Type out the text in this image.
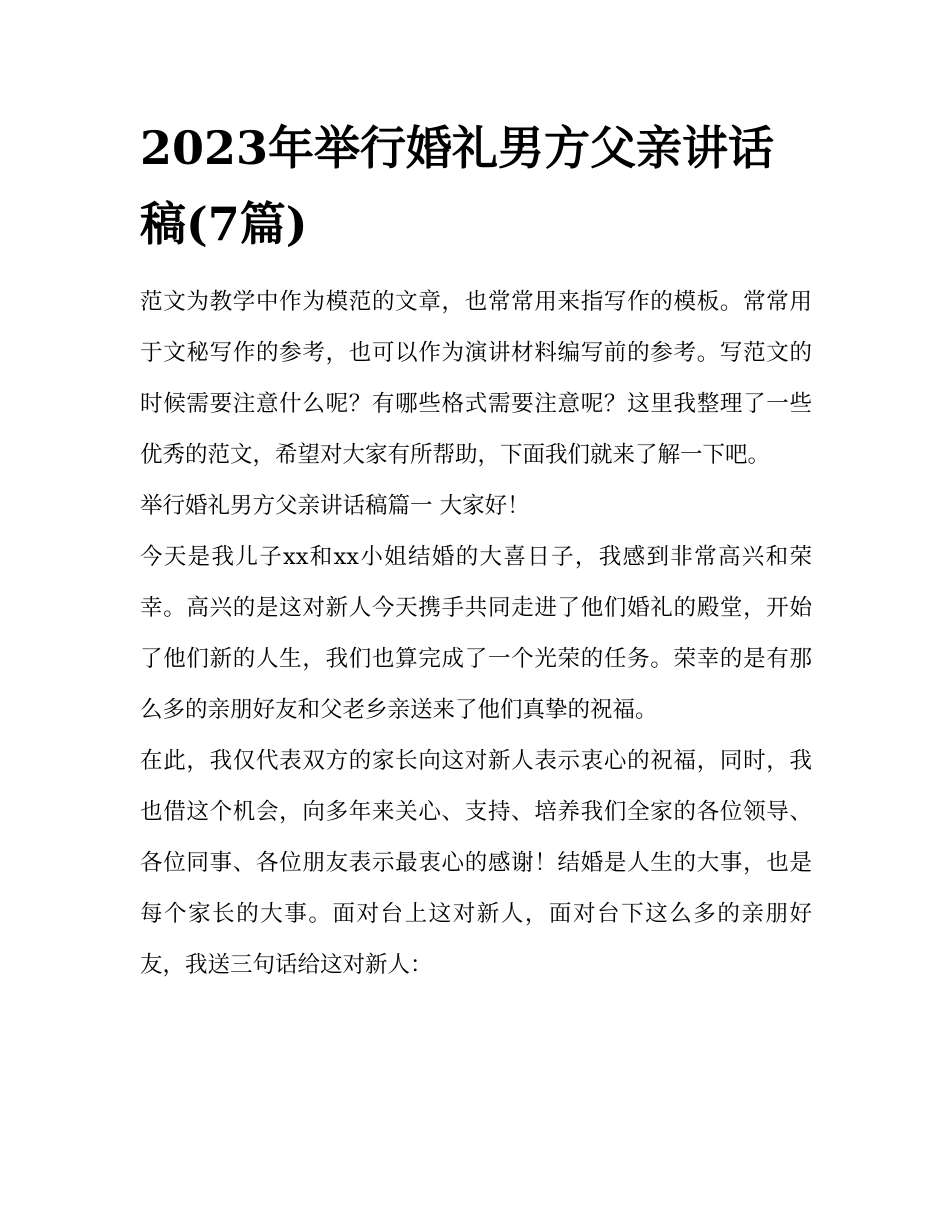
2023年举行婚礼男方父亲讲话稿(7篇)

范文为教学中作为模范的文章，也常常用来指写作的模板。常常用于文秘写作的参考，也可以作为演讲材料编写前的参考。写范文的时候需要注意什么呢？有哪些格式需要注意呢？这里我整理了一些优秀的范文，希望对大家有所帮助，下面我们就来了解一下吧。

举行婚礼男方父亲讲话稿篇一 大家好！

今天是我儿子xx和xx小姐结婚的大喜日子，我感到非常高兴和荣幸。高兴的是这对新人今天携手共同走进了他们婚礼的殿堂，开始了他们新的人生，我们也算完成了一个光荣的任务。荣幸的是有那么多的亲朋好友和父老乡亲送来了他们真挚的祝福。

在此，我仅代表双方的家长向这对新人表示衷心的祝福，同时，我也借这个机会，向多年来关心、支持、培养我们全家的各位领导、各位同事、各位朋友表示最衷心的感谢！结婚是人生的大事，也是每个家长的大事。面对台上这对新人，面对台下这么多的亲朋好友，我送三句话给这对新人：
